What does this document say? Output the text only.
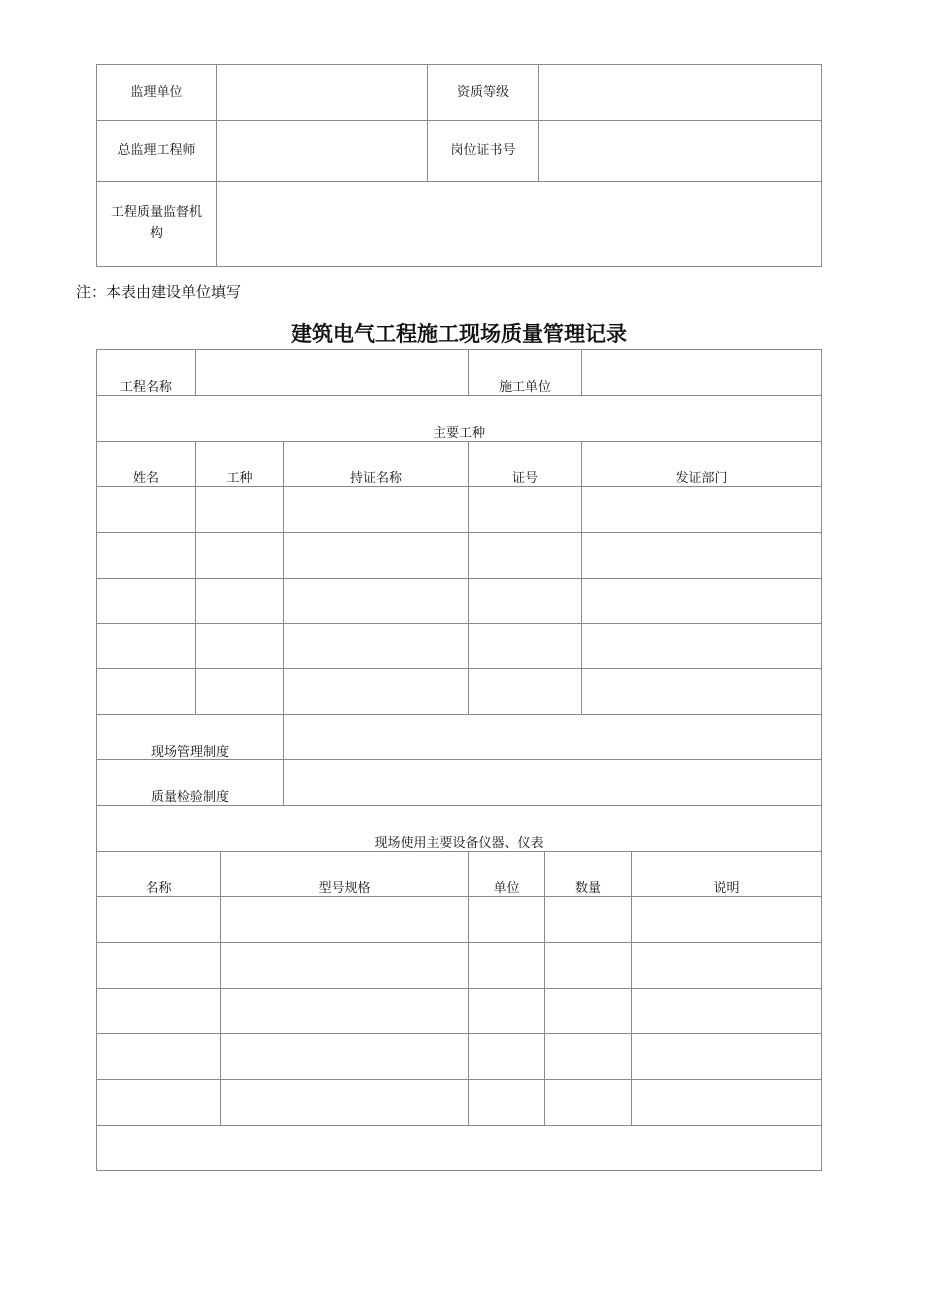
监理单位	资质等级
总监理工程师	岗位证书号
工程质量监督机
构
注：本表由建设单位填写
建筑电气工程施工现场质量管理记录
工程名称	施工单位
主要工种
姓名	工种	持证名称	证号	发证部门
现场管理制度
质量检验制度
现场使用主要设备仪器、仪表
名称	型号规格	单位	数量	说明
